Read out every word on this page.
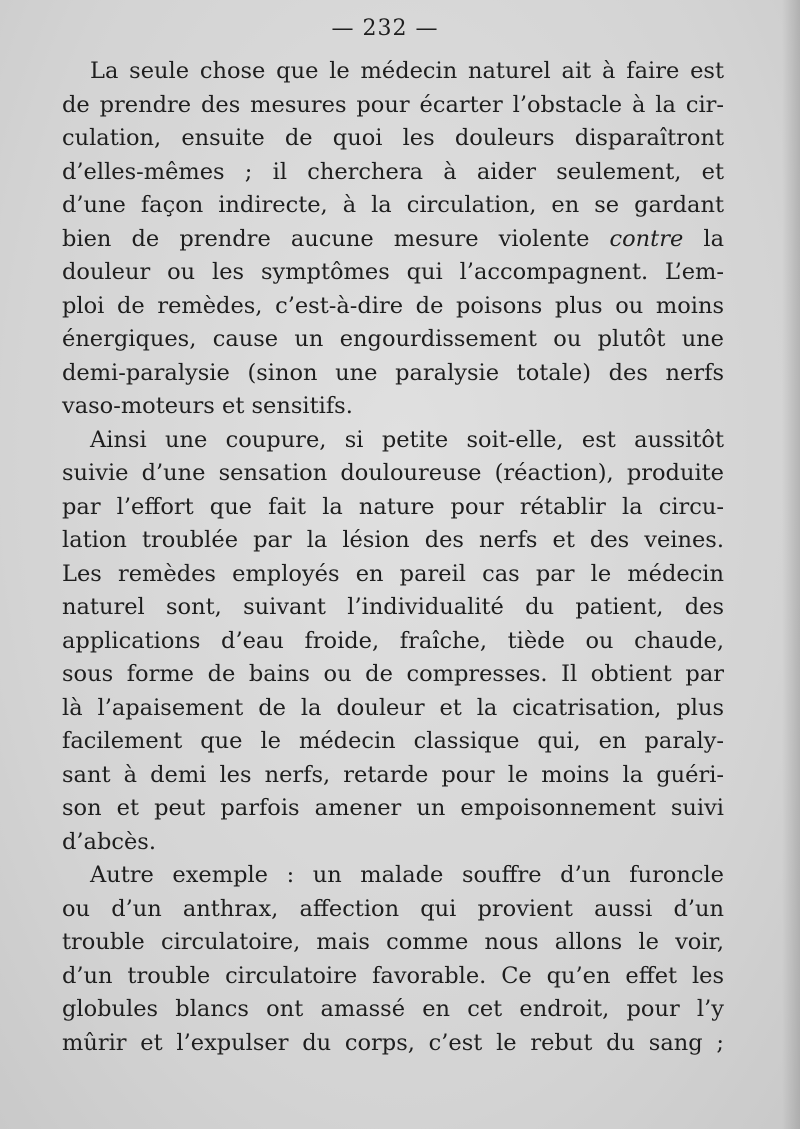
— 232 —
La seule chose que le médecin naturel ait à faire est
de prendre des mesures pour écarter l’obstacle à la cir-
culation, ensuite de quoi les douleurs disparaîtront
d’elles-mêmes ; il cherchera à aider seulement, et
d’une façon indirecte, à la circulation, en se gardant
bien de prendre aucune mesure violente contre la
douleur ou les symptômes qui l’accompagnent. L’em-
ploi de remèdes, c’est-à-dire de poisons plus ou moins
énergiques, cause un engourdissement ou plutôt une
demi-paralysie (sinon une paralysie totale) des nerfs
vaso-moteurs et sensitifs.
Ainsi une coupure, si petite soit-elle, est aussitôt
suivie d’une sensation douloureuse (réaction), produite
par l’effort que fait la nature pour rétablir la circu-
lation troublée par la lésion des nerfs et des veines.
Les remèdes employés en pareil cas par le médecin
naturel sont, suivant l’individualité du patient, des
applications d’eau froide, fraîche, tiède ou chaude,
sous forme de bains ou de compresses. Il obtient par
là l’apaisement de la douleur et la cicatrisation, plus
facilement que le médecin classique qui, en paraly-
sant à demi les nerfs, retarde pour le moins la guéri-
son et peut parfois amener un empoisonnement suivi
d’abcès.
Autre exemple : un malade souffre d’un furoncle
ou d’un anthrax, affection qui provient aussi d’un
trouble circulatoire, mais comme nous allons le voir,
d’un trouble circulatoire favorable. Ce qu’en effet les
globules blancs ont amassé en cet endroit, pour l’y
mûrir et l’expulser du corps, c’est le rebut du sang ;
